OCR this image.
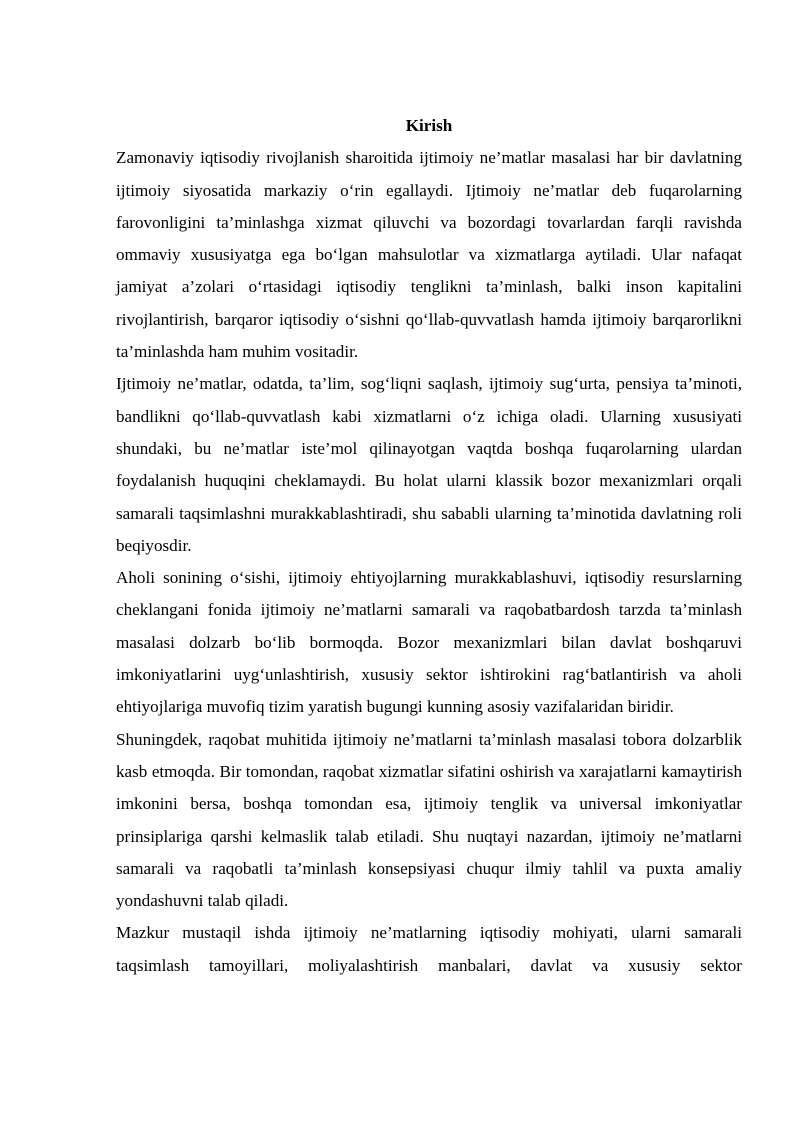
Kirish

Zamonaviy iqtisodiy rivojlanish sharoitida ijtimoiy ne’matlar masalasi har bir davlatning ijtimoiy siyosatida markaziy o‘rin egallaydi. Ijtimoiy ne’matlar deb fuqarolarning farovonligini ta’minlashga xizmat qiluvchi va bozordagi tovarlardan farqli ravishda ommaviy xususiyatga ega bo‘lgan mahsulotlar va xizmatlarga aytiladi. Ular nafaqat jamiyat a’zolari o‘rtasidagi iqtisodiy tenglikni ta’minlash, balki inson kapitalini rivojlantirish, barqaror iqtisodiy o‘sishni qo‘llab-quvvatlash hamda ijtimoiy barqarorlikni ta’minlashda ham muhim vositadir.

Ijtimoiy ne’matlar, odatda, ta’lim, sog‘liqni saqlash, ijtimoiy sug‘urta, pensiya ta’minoti, bandlikni qo‘llab-quvvatlash kabi xizmatlarni o‘z ichiga oladi. Ularning xususiyati shundaki, bu ne’matlar iste’mol qilinayotgan vaqtda boshqa fuqarolarning ulardan foydalanish huquqini cheklamaydi. Bu holat ularni klassik bozor mexanizmlari orqali samarali taqsimlashni murakkablashtiradi, shu sababli ularning ta’minotida davlatning roli beqiyosdir.

Aholi sonining o‘sishi, ijtimoiy ehtiyojlarning murakkablashuvi, iqtisodiy resurslarning cheklangani fonida ijtimoiy ne’matlarni samarali va raqobatbardosh tarzda ta’minlash masalasi dolzarb bo‘lib bormoqda. Bozor mexanizmlari bilan davlat boshqaruvi imkoniyatlarini uyg‘unlashtirish, xususiy sektor ishtirokini rag‘batlantirish va aholi ehtiyojlariga muvofiq tizim yaratish bugungi kunning asosiy vazifalaridan biridir.

Shuningdek, raqobat muhitida ijtimoiy ne’matlarni ta’minlash masalasi tobora dolzarblik kasb etmoqda. Bir tomondan, raqobat xizmatlar sifatini oshirish va xarajatlarni kamaytirish imkonini bersa, boshqa tomondan esa, ijtimoiy tenglik va universal imkoniyatlar prinsiplariga qarshi kelmaslik talab etiladi. Shu nuqtayi nazardan, ijtimoiy ne’matlarni samarali va raqobatli ta’minlash konsepsiyasi chuqur ilmiy tahlil va puxta amaliy yondashuvni talab qiladi.

Mazkur mustaqil ishda ijtimoiy ne’matlarning iqtisodiy mohiyati, ularni samarali taqsimlash tamoyillari, moliyalashtirish manbalari, davlat va xususiy sektor
